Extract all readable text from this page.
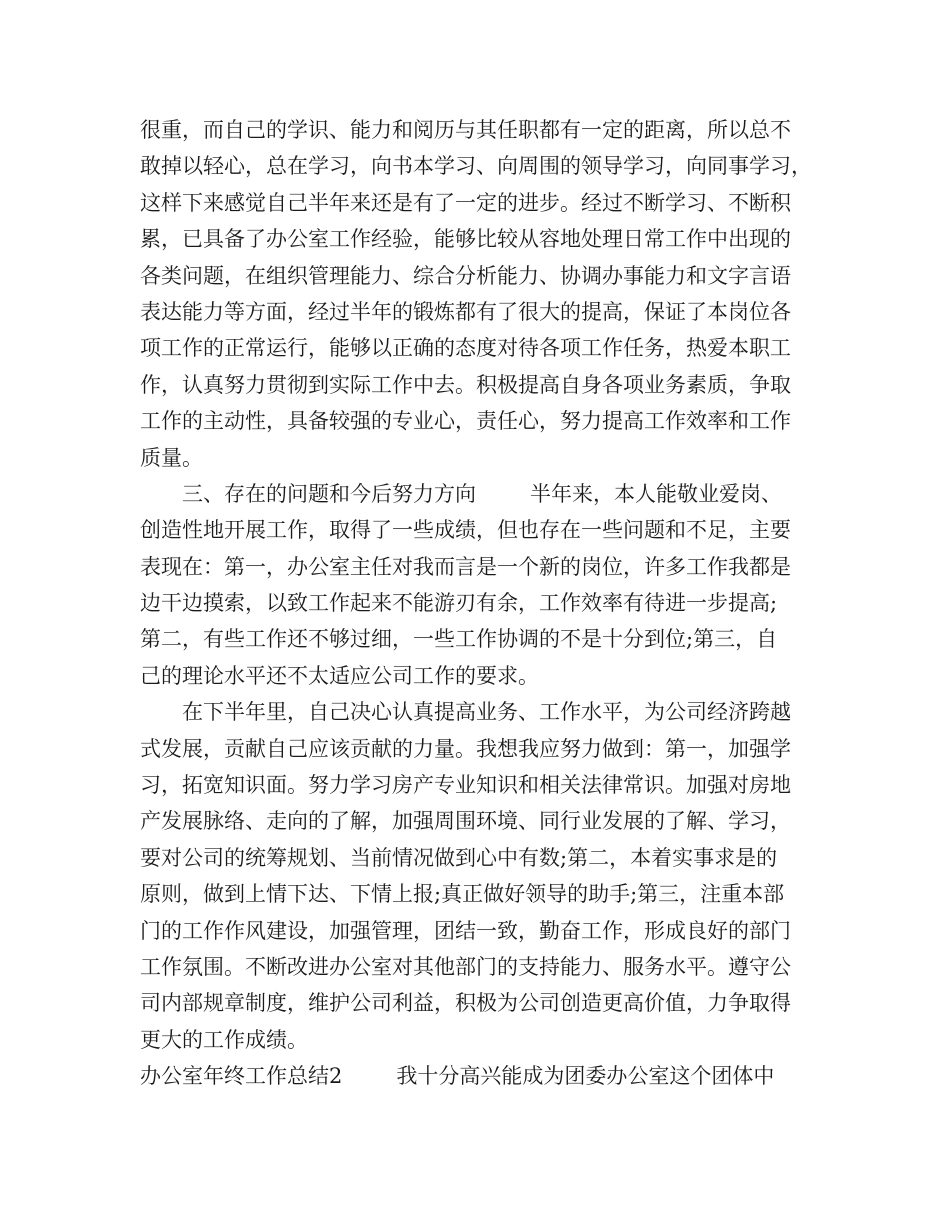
很重，而自己的学识、能力和阅历与其任职都有一定的距离，所以总不
敢掉以轻心，总在学习，向书本学习、向周围的领导学习，向同事学习，
这样下来感觉自己半年来还是有了一定的进步。经过不断学习、不断积
累，已具备了办公室工作经验，能够比较从容地处理日常工作中出现的
各类问题，在组织管理能力、综合分析能力、协调办事能力和文字言语
表达能力等方面，经过半年的锻炼都有了很大的提高，保证了本岗位各
项工作的正常运行，能够以正确的态度对待各项工作任务，热爱本职工
作，认真努力贯彻到实际工作中去。积极提高自身各项业务素质，争取
工作的主动性，具备较强的专业心，责任心，努力提高工作效率和工作
质量。
三、存在的问题和今后努力方向	半年来，本人能敬业爱岗、
创造性地开展工作，取得了一些成绩，但也存在一些问题和不足，主要
表现在：第一，办公室主任对我而言是一个新的岗位，许多工作我都是
边干边摸索，以致工作起来不能游刃有余，工作效率有待进一步提高;
第二，有些工作还不够过细，一些工作协调的不是十分到位;第三，自
己的理论水平还不太适应公司工作的要求。
在下半年里，自己决心认真提高业务、工作水平，为公司经济跨越
式发展，贡献自己应该贡献的力量。我想我应努力做到：第一，加强学
习，拓宽知识面。努力学习房产专业知识和相关法律常识。加强对房地
产发展脉络、走向的了解，加强周围环境、同行业发展的了解、学习，
要对公司的统筹规划、当前情况做到心中有数;第二，本着实事求是的
原则，做到上情下达、下情上报;真正做好领导的助手;第三，注重本部
门的工作作风建设，加强管理，团结一致，勤奋工作，形成良好的部门
工作氛围。不断改进办公室对其他部门的支持能力、服务水平。遵守公
司内部规章制度，维护公司利益，积极为公司创造更高价值，力争取得
更大的工作成绩。
办公室年终工作总结2	我十分高兴能成为团委办公室这个团体中
